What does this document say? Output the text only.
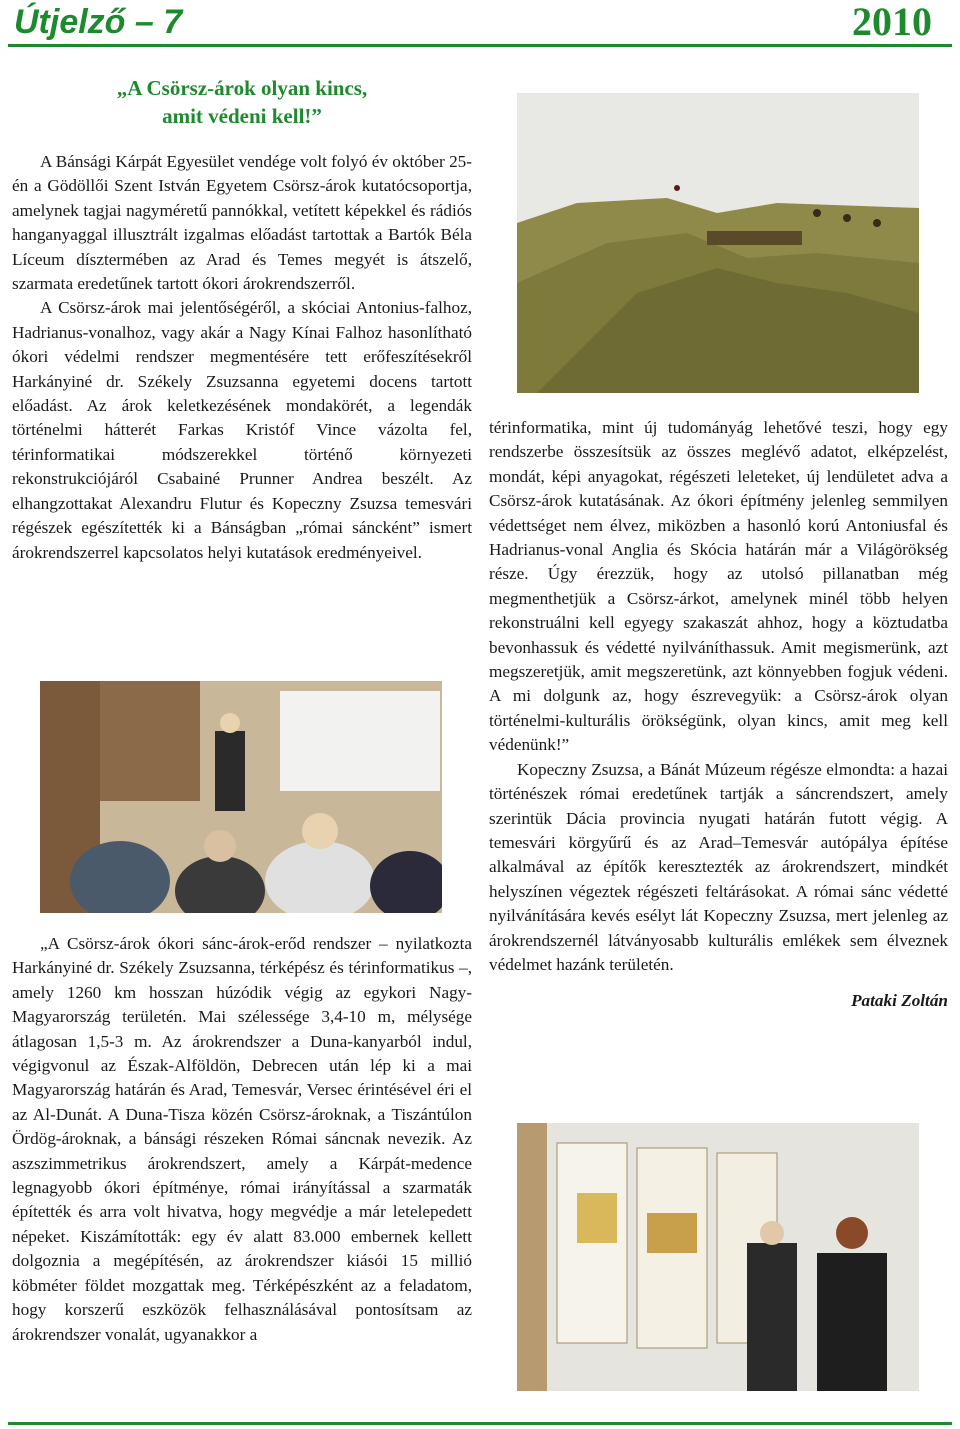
Útjelző – 7	2010
„A Csörsz-árok olyan kincs,
amit védeni kell!”

A Bánsági Kárpát Egyesület vendége volt folyó év október 25-én a Gödöllői Szent István Egyetem Csörsz-árok kutatócsoportja, amelynek tagjai nagyméretű pannókkal, vetített képekkel és rádiós hanganyaggal illusztrált izgalmas előadást tartottak a Bartók Béla Líceum dísztermében az Arad és Temes megyét is átszelő, szarmata eredetűnek tartott ókori árokrendszerről.

A Csörsz-árok mai jelentőségéről, a skóciai Antonius-falhoz, Hadrianus-vonalhoz, vagy akár a Nagy Kínai Falhoz hasonlítható ókori védelmi rendszer megmentésére tett erőfeszítésekről Harkányiné dr. Székely Zsuzsanna egyetemi docens tartott előadást. Az árok keletkezésének mondakörét, a legendák történelmi hátterét Farkas Kristóf Vince vázolta fel, térinformatikai módszerekkel történő környezeti rekonstrukciójáról Csabainé Prunner Andrea beszélt. Az elhangzottakat Alexandru Flutur és Kopeczny Zsuzsa temesvári régészek egészítették ki a Bánságban „római sáncként” ismert árokrendszerrel kapcsolatos helyi kutatások eredményeivel.

„A Csörsz-árok ókori sánc-árok-erőd rendszer – nyilatkozta Harkányiné dr. Székely Zsuzsanna, térképész és térinformatikus –, amely 1260 km hosszan húzódik végig az egykori Nagy-Magyarország területén. Mai szélessége 3,4-10 m, mélysége átlagosan 1,5-3 m. Az árokrendszer a Duna-kanyarból indul, végigvonul az Észak-Alföldön, Debrecen után lép ki a mai Magyarország határán és Arad, Temesvár, Versec érintésével éri el az Al-Dunát. A Duna-Tisza közén Csörsz-ároknak, a Tiszántúlon Ördög-ároknak, a bánsági részeken Római sáncnak nevezik. Az aszszimmetrikus árokrendszert, amely a Kárpát-medence legnagyobb ókori építménye, római irányítással a szarmaták építették és arra volt hivatva, hogy megvédje a már letelepedett népeket. Kiszámították: egy év alatt 83.000 embernek kellett dolgoznia a megépítésén, az árokrendszer kiásói 15 millió köbméter földet mozgattak meg. Térképészként az a feladatom, hogy korszerű eszközök felhasználásával pontosítsam az árokrendszer vonalát, ugyanakkor a

térinformatika, mint új tudományág lehetővé teszi, hogy egy rendszerbe összesítsük az összes meglévő adatot, elképzelést, mondát, képi anyagokat, régészeti leleteket, új lendületet adva a Csörsz-árok kutatásának. Az ókori építmény jelenleg semmilyen védettséget nem élvez, miközben a hasonló korú Antoniusfal és Hadrianus-vonal Anglia és Skócia határán már a Világörökség része. Úgy érezzük, hogy az utolsó pillanatban még megmenthetjük a Csörsz-árkot, amelynek minél több helyen rekonstruálni kell egyegy szakaszát ahhoz, hogy a köztudatba bevonhassuk és védetté nyilváníthassuk. Amit megismerünk, azt megszeretjük, amit megszeretünk, azt könnyebben fogjuk védeni. A mi dolgunk az, hogy észrevegyük: a Csörsz-árok olyan történelmi-kulturális örökségünk, olyan kincs, amit meg kell védenünk!”

Kopeczny Zsuzsa, a Bánát Múzeum régésze elmondta: a hazai történészek római eredetűnek tartják a sáncrendszert, amely szerintük Dácia provincia nyugati határán futott végig. A temesvári körgyűrű és az Arad–Temesvár autópálya építése alkalmával az építők keresztezték az árokrendszert, mindkét helyszínen végeztek régészeti feltárásokat. A római sánc védetté nyilvánítására kevés esélyt lát Kopeczny Zsuzsa, mert jelenleg az árokrendszernél látványosabb kulturális emlékek sem élveznek védelmet hazánk területén.

Pataki Zoltán
